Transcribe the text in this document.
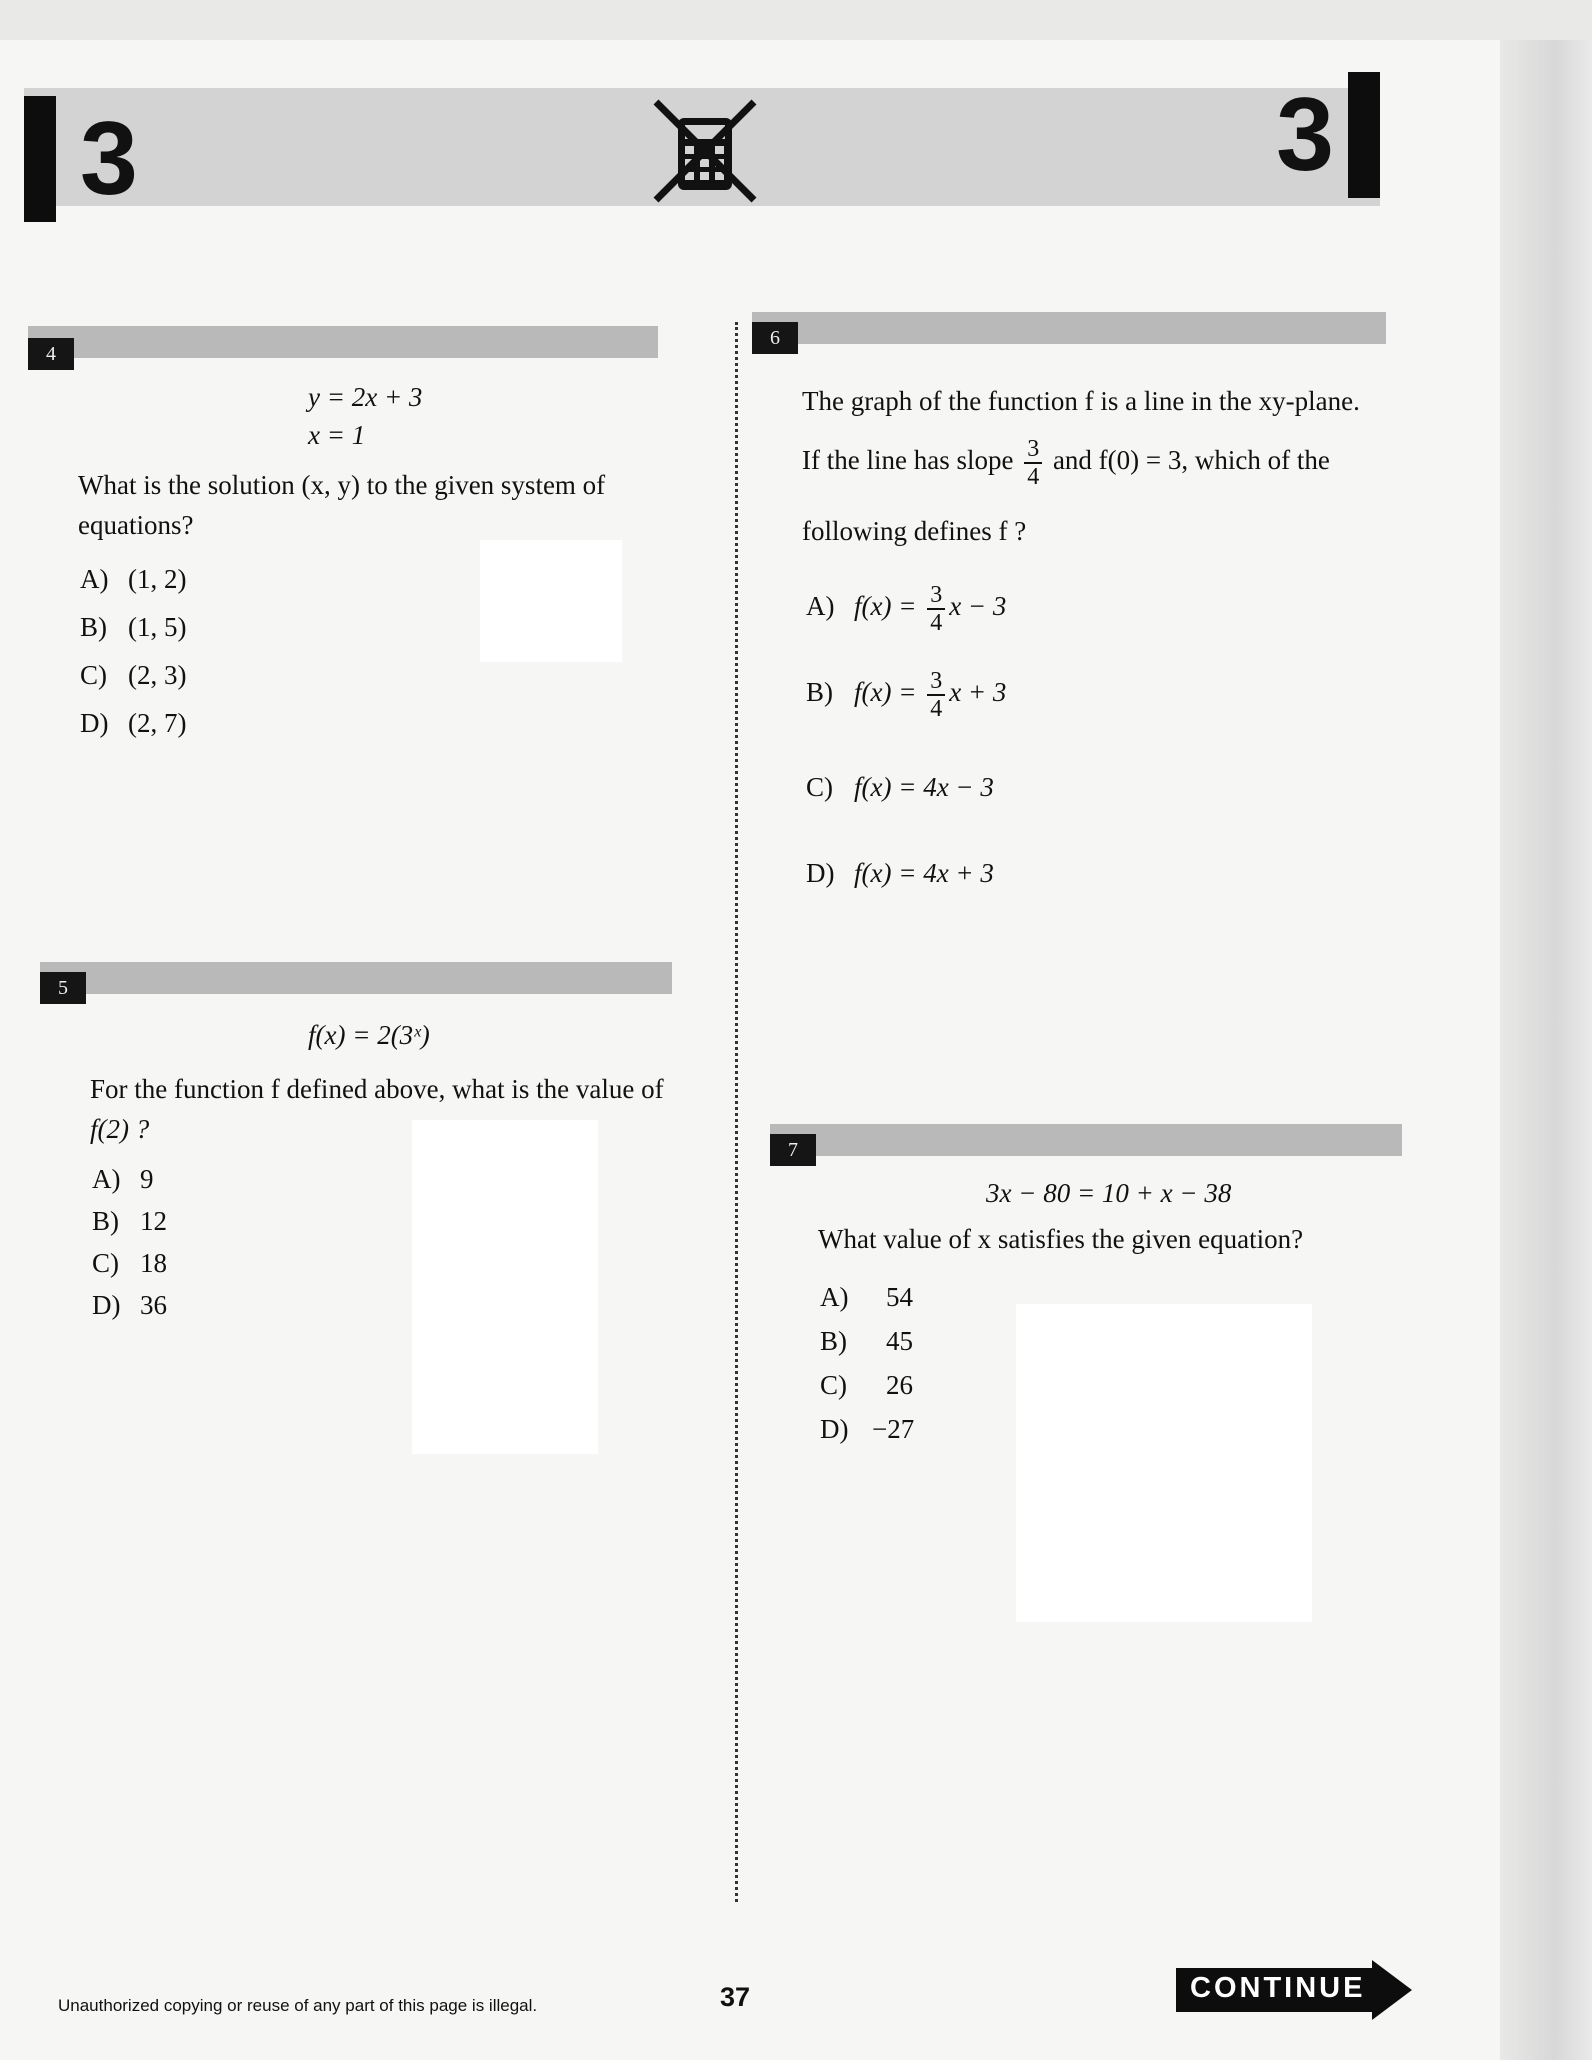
3	3
4
y = 2x + 3
x = 1
What is the solution (x, y) to the given system of
equations?
A) (1, 2)
B) (1, 5)
C) (2, 3)
D) (2, 7)
5
f(x) = 2(3ˣ)
For the function f defined above, what is the value of
f(2) ?
A) 9
B) 12
C) 18
D) 36
6
The graph of the function f is a line in the xy-plane.
If the line has slope $\frac{3}{4}$ and f(0) = 3, which of the
following defines f ?
A) $f(x) = \frac{3}{4}$ x − 3
B) $f(x) = \frac{3}{4}$ x + 3
C) f(x) = 4x − 3
D) f(x) = 4x + 3
7
3x − 80 = 10 + x − 38
What value of x satisfies the given equation?
A) 54
B) 45
C) 26
D) −27
Unauthorized copying or reuse of any part of this page is illegal.	37	CONTINUE
